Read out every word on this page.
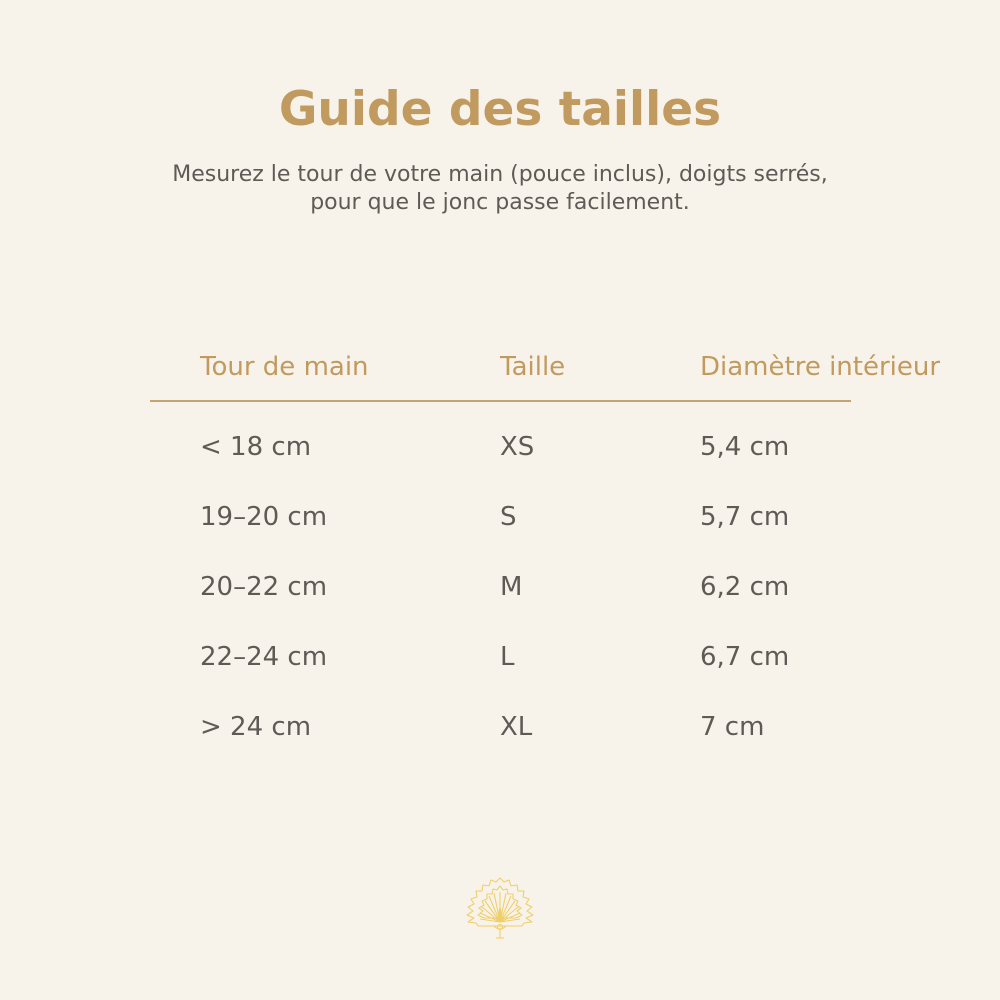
Guide des tailles
Mesurez le tour de votre main (pouce inclus), doigts serrés,
pour que le jonc passe facilement.
Tour de main	Taille	Diamètre intérieur
< 18 cm	XS	5,4 cm
19–20 cm	S	5,7 cm
20–22 cm	M	6,2 cm
22–24 cm	L	6,7 cm
> 24 cm	XL	7 cm
